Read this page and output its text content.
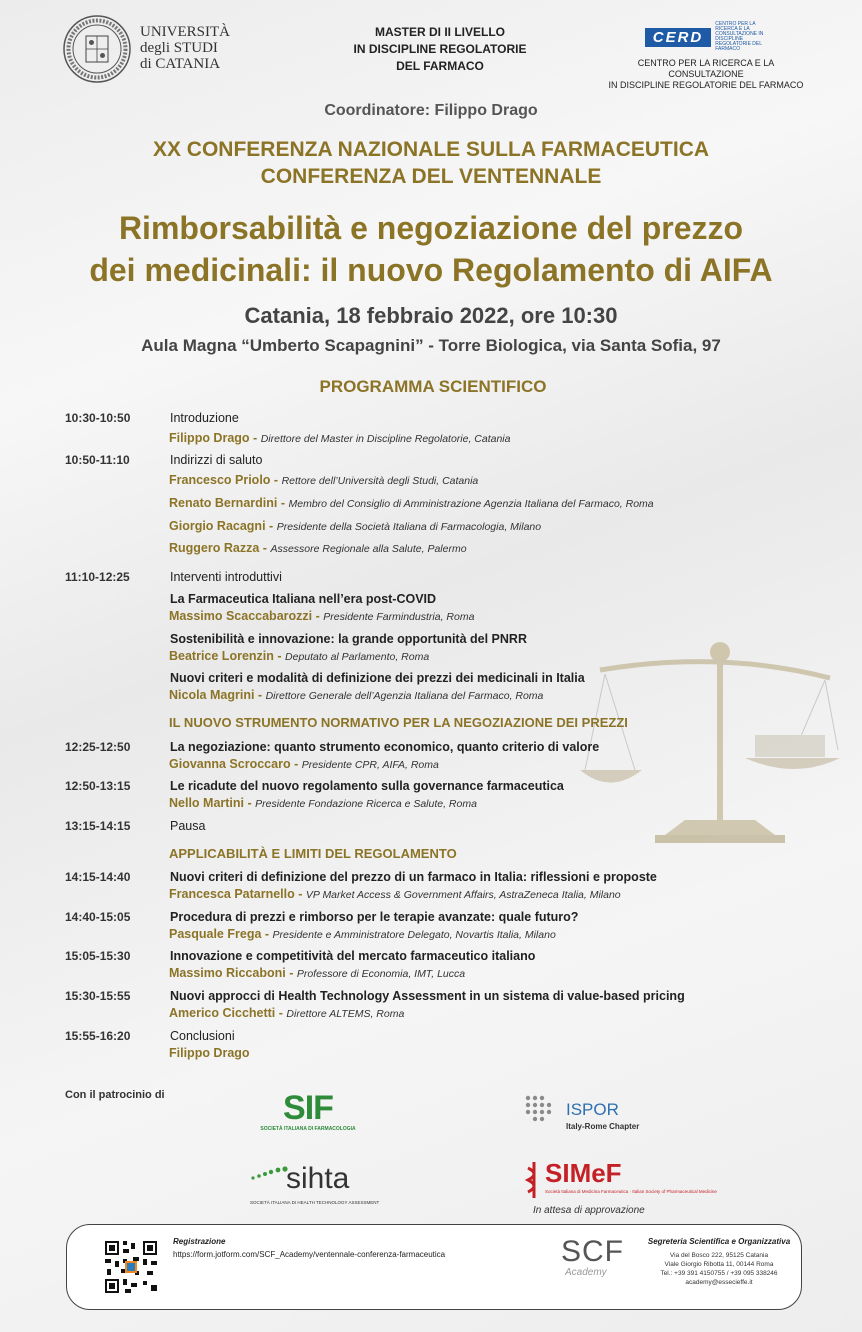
UNIVERSITÀ
degli STUDI
di CATANIA
MASTER DI II LIVELLO
IN DISCIPLINE REGOLATORIE
DEL FARMACO
CERD
CENTRO PER LA RICERCA E LA CONSULTAZIONE IN DISCIPLINE REGOLATORIE DEL FARMACO
CENTRO PER LA RICERCA E LA CONSULTAZIONE
IN DISCIPLINE REGOLATORIE DEL FARMACO
Coordinatore: Filippo Drago
XX CONFERENZA NAZIONALE SULLA FARMACEUTICA
CONFERENZA DEL VENTENNALE
Rimborsabilità e negoziazione del prezzo
dei medicinali: il nuovo Regolamento di AIFA
Catania, 18 febbraio 2022, ore 10:30
Aula Magna “Umberto Scapagnini” - Torre Biologica, via Santa Sofia, 97
PROGRAMMA SCIENTIFICO
10:30-10:50	Introduzione
Filippo Drago - Direttore del Master in Discipline Regolatorie, Catania
10:50-11:10	Indirizzi di saluto
Francesco Priolo - Rettore dell’Università degli Studi, Catania
Renato Bernardini - Membro del Consiglio di Amministrazione Agenzia Italiana del Farmaco, Roma
Giorgio Racagni - Presidente della Società Italiana di Farmacologia, Milano
Ruggero Razza - Assessore Regionale alla Salute, Palermo
11:10-12:25	Interventi introduttivi
La Farmaceutica Italiana nell’era post-COVID
Massimo Scaccabarozzi - Presidente Farmindustria, Roma
Sostenibilità e innovazione: la grande opportunità del PNRR
Beatrice Lorenzin - Deputato al Parlamento, Roma
Nuovi criteri e modalità di definizione dei prezzi dei medicinali in Italia
Nicola Magrini - Direttore Generale dell’Agenzia Italiana del Farmaco, Roma
IL NUOVO STRUMENTO NORMATIVO PER LA NEGOZIAZIONE DEI PREZZI
12:25-12:50	La negoziazione: quanto strumento economico, quanto criterio di valore
Giovanna Scroccaro - Presidente CPR, AIFA, Roma
12:50-13:15	Le ricadute del nuovo regolamento sulla governance farmaceutica
Nello Martini - Presidente Fondazione Ricerca e Salute, Roma
13:15-14:15	Pausa
APPLICABILITÀ E LIMITI DEL REGOLAMENTO
14:15-14:40	Nuovi criteri di definizione del prezzo di un farmaco in Italia: riflessioni e proposte
Francesca Patarnello - VP Market Access & Government Affairs, AstraZeneca Italia, Milano
14:40-15:05	Procedura di prezzi e rimborso per le terapie avanzate: quale futuro?
Pasquale Frega - Presidente e Amministratore Delegato, Novartis Italia, Milano
15:05-15:30	Innovazione e competitività del mercato farmaceutico italiano
Massimo Riccaboni - Professore di Economia, IMT, Lucca
15:30-15:55	Nuovi approcci di Health Technology Assessment in un sistema di value-based pricing
Americo Cicchetti - Direttore ALTEMS, Roma
15:55-16:20	Conclusioni
Filippo Drago
Con il patrocinio di	SIF
SOCIETÀ ITALIANA DI FARMACOLOGIA
ISPOR
Italy-Rome Chapter
sihta
SOCIETÀ ITALIANA DI HEALTH TECHNOLOGY ASSESSMENT
SIMeF
Società Italiana di Medicina Farmaceutica · Italian Society of Pharmaceutical Medicine
In attesa di approvazione
Registrazione
https://form.jotform.com/SCF_Academy/ventennale-conferenza-farmaceutica	SCF
Academy
Segreteria Scientifica e Organizzativa
Via del Bosco 222, 95125 Catania
Viale Giorgio Ribotta 11, 00144 Roma
Tel.: +39 391 4150755 / +39 095 338246
academy@essecieffe.it
